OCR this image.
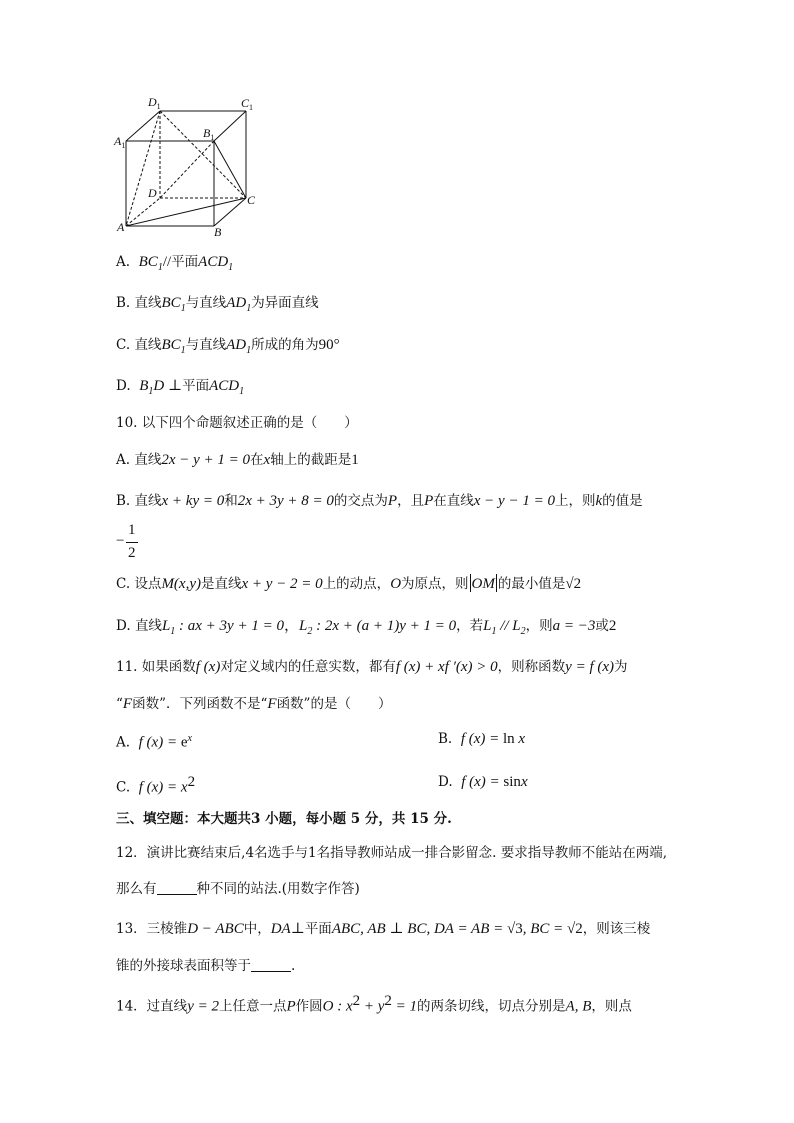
$D_1$	$C_1$
$A_1$
$B_1$
D	C
A	B
A. $BC_1//$平面$ACD_1$
B. 直线$BC_1$与直线$AD_1$为异面直线
C. 直线$BC_1$与直线$AD_1$所成的角为90°
D. $B_1D$ ⊥平面$ACD_1$
10. 以下四个命题叙述正确的是（　　）
A. 直线2x − y + 1 = 0在x轴上的截距是1
B. 直线x + ky = 0和2x + 3y + 8 = 0的交点为P，且P在直线x − y − 1 = 0上，则k的值是
−
1
2
C. 设点M(x,y)是直线x + y − 2 = 0上的动点，O为原点，则 OM 的最小值是√2
D. 直线$L_1$ : ax + 3y + 1 = 0，$L_2$ : 2x + (a + 1)y + 1 = 0，若$L_1 // L_2$，则a = −3或2
11. 如果函数f (x)对定义域内的任意实数，都有f (x) + xf ′(x) > 0，则称函数y = f (x)为
“F函数”．下列函数不是“F函数”的是（　　）
A. f $(x) = e^x$	B. f (x) = ln x
C. f $(x) = x^2$	D. f (x) = sinx
三、填空题：本大题共3 小题，每小题 5 分，共 15 分.
12．演讲比赛结束后,4名选手与1名指导教师站成一排合影留念. 要求指导教师不能站在两端,
那么有	种不同的站法.(用数字作答)
13．三棱锥D − ABC中，DA⊥平面ABC, AB ⊥ BC, DA = AB = √3, BC = √2，则该三棱
锥的外接球表面积等于	.
14．过直线y = 2上任意一点P作圆O : $x^2 + y^2 = 1$的两条切线，切点分别是A, B，则点
